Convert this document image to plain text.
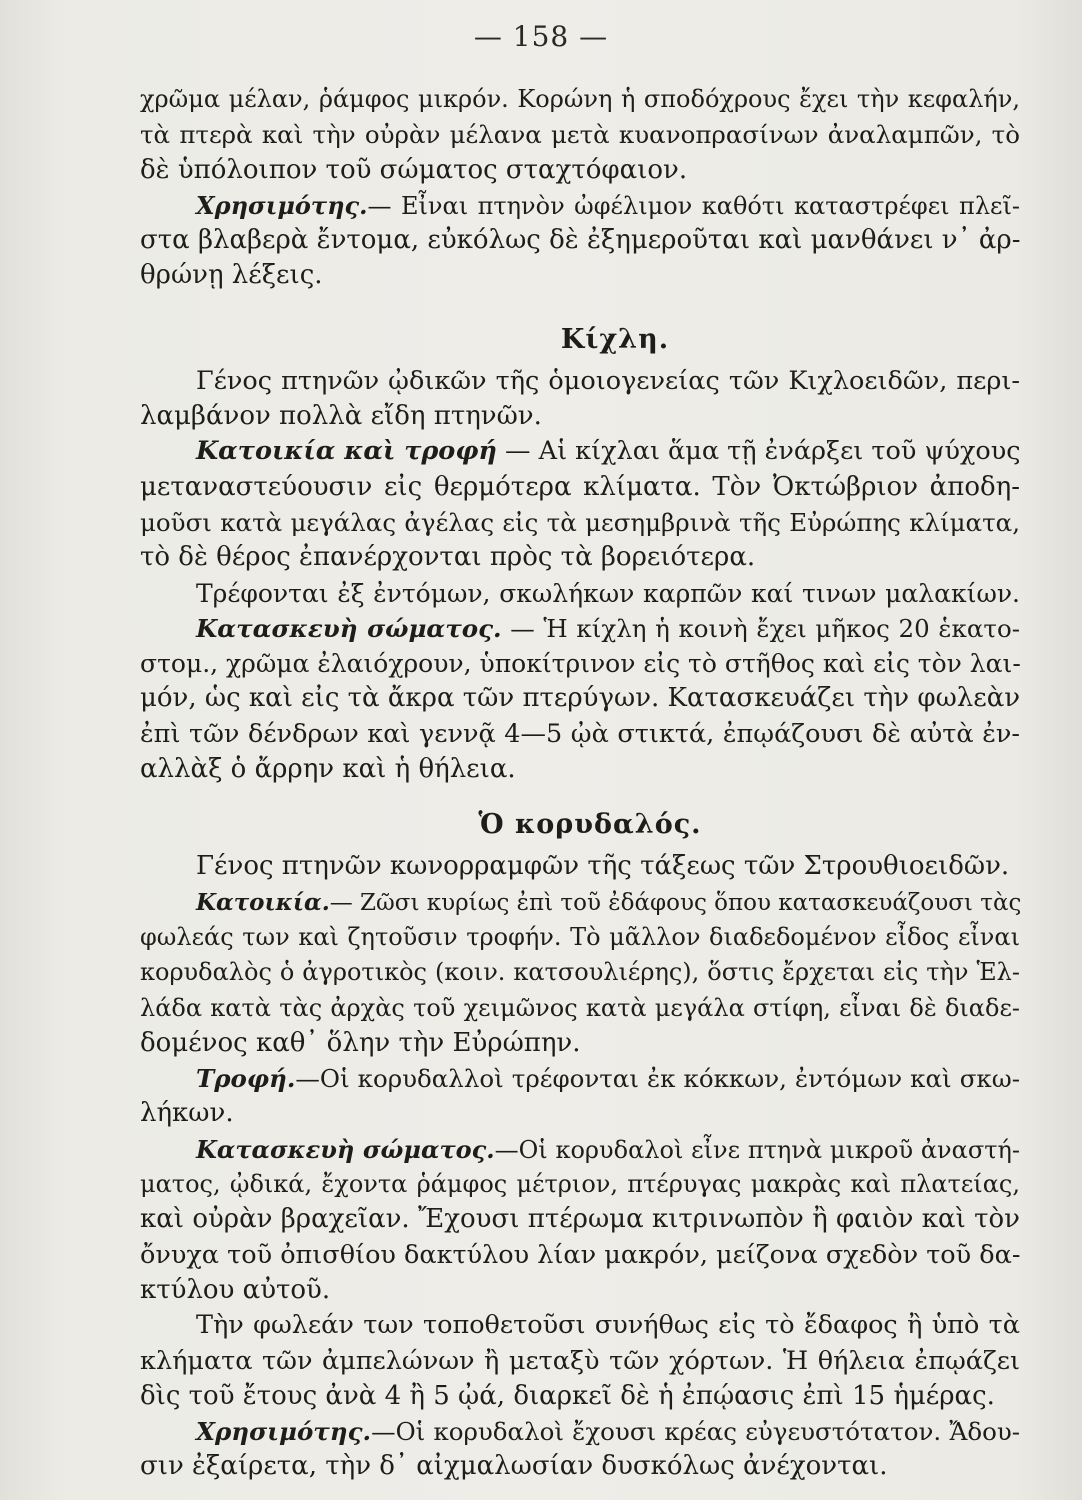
— 158 —
χρῶμα μέλαν, ῥάμφος μικρόν. Κορώνη ἡ σποδόχρους ἔχει τὴν κεφαλήν,
τὰ πτερὰ καὶ τὴν οὐρὰν μέλανα μετὰ κυανοπρασίνων ἀναλαμπῶν, τὸ
δὲ ὑπόλοιπον τοῦ σώματος σταχτόφαιον.
Χρησιμότης.— Εἶναι πτηνὸν ὠφέλιμον καθότι καταστρέφει πλεῖ-
στα βλαβερὰ ἔντομα, εὐκόλως δὲ ἐξημεροῦται καὶ μανθάνει ν᾽ ἀρ-
θρώνῃ λέξεις.
Κίχλη.
Γένος πτηνῶν ᾠδικῶν τῆς ὁμοιογενείας τῶν Κιχλοειδῶν, περι-
λαμβάνον πολλὰ εἴδη πτηνῶν.
Κατοικία καὶ τροφή — Αἱ κίχλαι ἅμα τῇ ἐνάρξει τοῦ ψύχους
μεταναστεύουσιν εἰς θερμότερα κλίματα. Τὸν Ὀκτώβριον ἀποδη-
μοῦσι κατὰ μεγάλας ἀγέλας εἰς τὰ μεσημβρινὰ τῆς Εὐρώπης κλίματα,
τὸ δὲ θέρος ἐπανέρχονται πρὸς τὰ βορειότερα.
Τρέφονται ἐξ ἐντόμων, σκωλήκων καρπῶν καί τινων μαλακίων.
Κατασκευὴ σώματος. — Ἡ κίχλη ἡ κοινὴ ἔχει μῆκος 20 ἑκατο-
στομ., χρῶμα ἐλαιόχρουν, ὑποκίτρινον εἰς τὸ στῆθος καὶ εἰς τὸν λαι-
μόν, ὡς καὶ εἰς τὰ ἄκρα τῶν πτερύγων. Κατασκευάζει τὴν φωλεὰν
ἐπὶ τῶν δένδρων καὶ γεννᾷ 4—5 ᾠὰ στικτά, ἐπῳάζουσι δὲ αὐτὰ ἐν-
αλλὰξ ὁ ἄρρην καὶ ἡ θήλεια.
Ὁ κορυδαλός.
Γένος πτηνῶν κωνορραμφῶν τῆς τάξεως τῶν Στρουθιοειδῶν.
Κατοικία.— Ζῶσι κυρίως ἐπὶ τοῦ ἐδάφους ὅπου κατασκευάζουσι τὰς
φωλεάς των καὶ ζητοῦσιν τροφήν. Τὸ μᾶλλον διαδεδομένον εἶδος εἶναι
κορυδαλὸς ὁ ἀγροτικὸς (κοιν. κατσουλιέρης), ὅστις ἔρχεται εἰς τὴν Ἑλ-
λάδα κατὰ τὰς ἀρχὰς τοῦ χειμῶνος κατὰ μεγάλα στίφη, εἶναι δὲ διαδε-
δομένος καθ᾽ ὅλην τὴν Εὐρώπην.
Τροφή.—Οἱ κορυδαλλοὶ τρέφονται ἐκ κόκκων, ἐντόμων καὶ σκω-
λήκων.
Κατασκευὴ σώματος.—Οἱ κορυδαλοὶ εἶνε πτηνὰ μικροῦ ἀναστή-
ματος, ᾠδικά, ἔχοντα ῥάμφος μέτριον, πτέρυγας μακρὰς καὶ πλατείας,
καὶ οὐρὰν βραχεῖαν. Ἔχουσι πτέρωμα κιτρινωπὸν ἢ φαιὸν καὶ τὸν
ὄνυχα τοῦ ὀπισθίου δακτύλου λίαν μακρόν, μείζονα σχεδὸν τοῦ δα-
κτύλου αὐτοῦ.
Τὴν φωλεάν των τοποθετοῦσι συνήθως εἰς τὸ ἔδαφος ἢ ὑπὸ τὰ
κλήματα τῶν ἀμπελώνων ἢ μεταξὺ τῶν χόρτων. Ἡ θήλεια ἐπῳάζει
δὶς τοῦ ἔτους ἀνὰ 4 ἢ 5 ᾠά, διαρκεῖ δὲ ἡ ἐπῴασις ἐπὶ 15 ἡμέρας.
Χρησιμότης.—Οἱ κορυδαλοὶ ἔχουσι κρέας εὐγευστότατον. Ἄδου-
σιν ἐξαίρετα, τὴν δ᾽ αἰχμαλωσίαν δυσκόλως ἀνέχονται.
